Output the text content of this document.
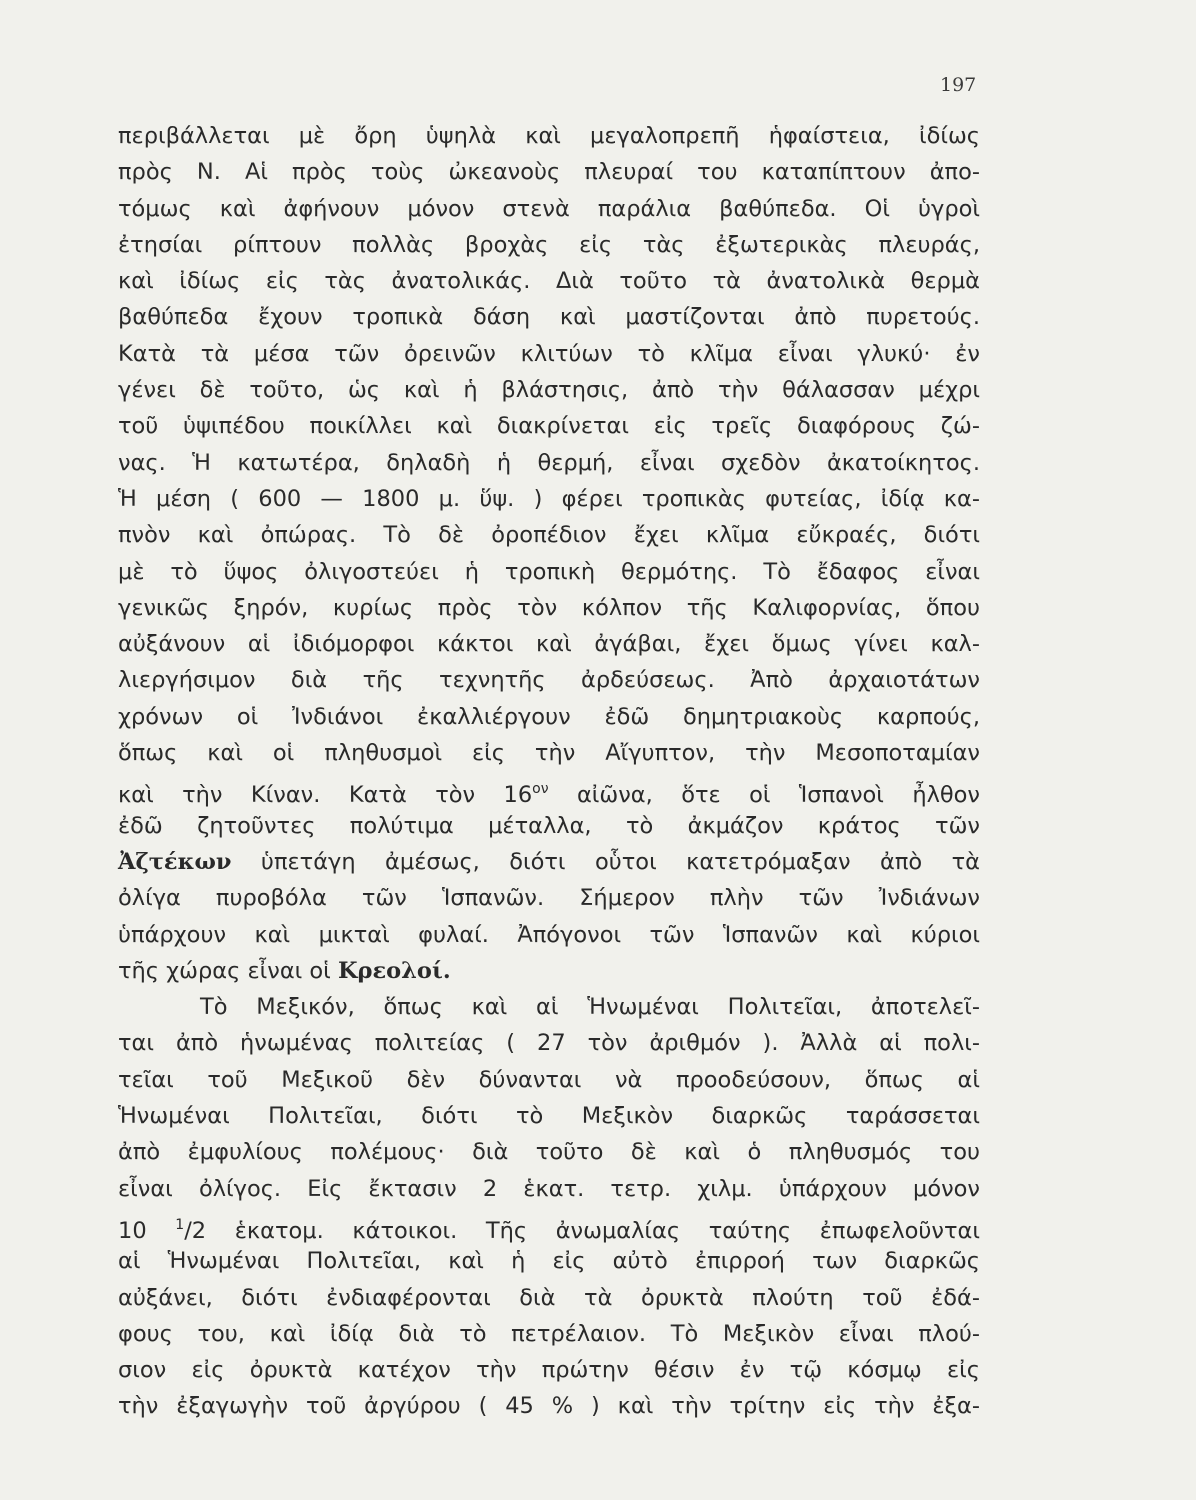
197
περιβάλλεται μὲ ὄρη ὑψηλὰ καὶ μεγαλοπρεπῆ ἡφαίστεια, ἰδίως
πρὸς Ν. Αἱ πρὸς τοὺς ὠκεανοὺς πλευραί του καταπίπτουν ἀπο-
τόμως καὶ ἀφήνουν μόνον στενὰ παράλια βαθύπεδα. Οἱ ὑγροὶ
ἐτησίαι ρίπτουν πολλὰς βροχὰς εἰς τὰς ἐξωτερικὰς πλευράς,
καὶ ἰδίως εἰς τὰς ἀνατολικάς. Διὰ τοῦτο τὰ ἀνατολικὰ θερμὰ
βαθύπεδα ἔχουν τροπικὰ δάση καὶ μαστίζονται ἀπὸ πυρετούς.
Κατὰ τὰ μέσα τῶν ὀρεινῶν κλιτύων τὸ κλῖμα εἶναι γλυκύ· ἐν
γένει δὲ τοῦτο, ὡς καὶ ἡ βλάστησις, ἀπὸ τὴν θάλασσαν μέχρι
τοῦ ὑψιπέδου ποικίλλει καὶ διακρίνεται εἰς τρεῖς διαφόρους ζώ-
νας. Ἡ κατωτέρα, δηλαδὴ ἡ θερμή, εἶναι σχεδὸν ἀκατοίκητος.
Ἡ μέση ( 600 — 1800 μ. ὕψ. ) φέρει τροπικὰς φυτείας, ἰδίᾳ κα-
πνὸν καὶ ὀπώρας. Τὸ δὲ ὀροπέδιον ἔχει κλῖμα εὔκραές, διότι
μὲ τὸ ὕψος ὀλιγοστεύει ἡ τροπικὴ θερμότης. Τὸ ἔδαφος εἶναι
γενικῶς ξηρόν, κυρίως πρὸς τὸν κόλπον τῆς Καλιφορνίας, ὅπου
αὐξάνουν αἱ ἰδιόμορφοι κάκτοι καὶ ἀγάβαι, ἔχει ὅμως γίνει καλ-
λιεργήσιμον διὰ τῆς τεχνητῆς ἀρδεύσεως. Ἀπὸ ἀρχαιοτάτων
χρόνων οἱ Ἰνδιάνοι ἐκαλλιέργουν ἐδῶ δημητριακοὺς καρπούς,
ὅπως καὶ οἱ πληθυσμοὶ εἰς τὴν Αἴγυπτον, τὴν Μεσοποταμίαν
καὶ τὴν Κίναν. Κατὰ τὸν $16^{o\nu}$ αἰῶνα, ὅτε οἱ Ἱσπανοὶ ἦλθον
ἐδῶ ζητοῦντες πολύτιμα μέταλλα, τὸ ἀκμάζον κράτος τῶν
Ἀζτέκων ὑπετάγη ἀμέσως, διότι οὗτοι κατετρόμαξαν ἀπὸ τὰ
ὀλίγα πυροβόλα τῶν Ἱσπανῶν. Σήμερον πλὴν τῶν Ἰνδιάνων
ὑπάρχουν καὶ μικταὶ φυλαί. Ἀπόγονοι τῶν Ἱσπανῶν καὶ κύριοι
τῆς χώρας εἶναι οἱ Κρεολοί.
Τὸ Μεξικόν, ὅπως καὶ αἱ Ἡνωμέναι Πολιτεῖαι, ἀποτελεῖ-
ται ἀπὸ ἡνωμένας πολιτείας ( 27 τὸν ἀριθμόν ). Ἀλλὰ αἱ πολι-
τεῖαι τοῦ Μεξικοῦ δὲν δύνανται νὰ προοδεύσουν, ὅπως αἱ
Ἡνωμέναι Πολιτεῖαι, διότι τὸ Μεξικὸν διαρκῶς ταράσσεται
ἀπὸ ἐμφυλίους πολέμους· διὰ τοῦτο δὲ καὶ ὁ πληθυσμός του
εἶναι ὀλίγος. Εἰς ἔκτασιν 2 ἑκατ. τετρ. χιλμ. ὑπάρχουν μόνον
10 $^1$/2 ἑκατομ. κάτοικοι. Τῆς ἀνωμαλίας ταύτης ἐπωφελοῦνται
αἱ Ἡνωμέναι Πολιτεῖαι, καὶ ἡ εἰς αὐτὸ ἐπιρροή των διαρκῶς
αὐξάνει, διότι ἐνδιαφέρονται διὰ τὰ ὀρυκτὰ πλούτη τοῦ ἐδά-
φους του, καὶ ἰδίᾳ διὰ τὸ πετρέλαιον. Τὸ Μεξικὸν εἶναι πλού-
σιον εἰς ὀρυκτὰ κατέχον τὴν πρώτην θέσιν ἐν τῷ κόσμῳ εἰς
τὴν ἐξαγωγὴν τοῦ ἀργύρου ( 45 % ) καὶ τὴν τρίτην εἰς τὴν ἐξα-
